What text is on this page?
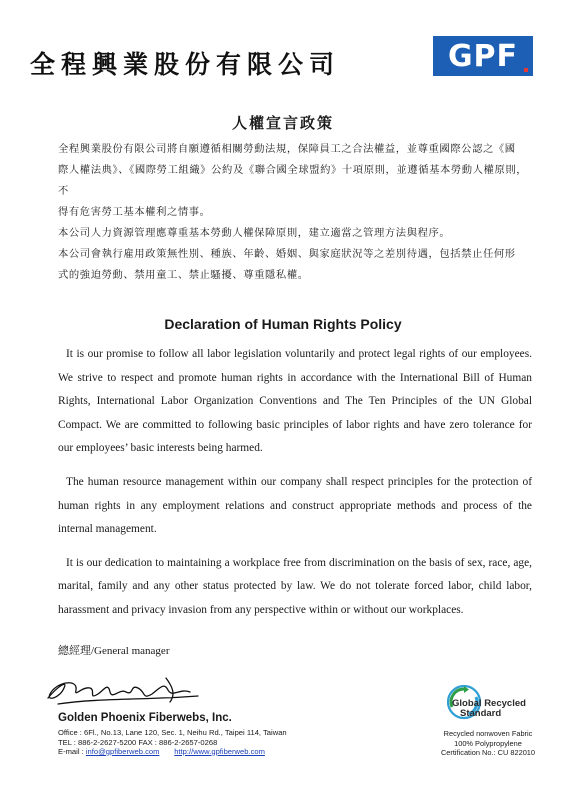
全程興業股份有限公司	GPF
人權宣言政策

全程興業股份有限公司將自願遵循相關勞動法規，保障員工之合法權益，並尊重國際公認之《國

際人權法典》、《國際勞工組織》公約及《聯合國全球盟約》十項原則，並遵循基本勞動人權原則，不

得有危害勞工基本權利之情事。

本公司人力資源管理應尊重基本勞動人權保障原則，建立適當之管理方法與程序。

本公司會執行雇用政策無性別、種族、年齡、婚姻、與家庭狀況等之差別待遇，包括禁止任何形

式的強迫勞動、禁用童工、禁止騷擾、尊重隱私權。

Declaration of Human Rights Policy

It is our promise to follow all labor legislation voluntarily and protect legal rights of our employees. We strive to respect and promote human rights in accordance with the International Bill of Human Rights, International Labor Organization Conventions and The Ten Principles of the UN Global Compact. We are committed to following basic principles of labor rights and have zero tolerance for our employees’ basic interests being harmed.

The human resource management within our company shall respect principles for the protection of human rights in any employment relations and construct appropriate methods and process of the internal management.

It is our dedication to maintaining a workplace free from discrimination on the basis of sex, race, age, marital, family and any other status protected by law. We do not tolerate forced labor, child labor, harassment and privacy invasion from any perspective within or without our workplaces.

總經理/General manager
Golden Phoenix Fiberwebs, Inc.
Office : 6Fl., No.13, Lane 120, Sec. 1, Neihu Rd., Taipei 114, Taiwan
TEL : 886-2-2627-5200 FAX : 886-2-2657-0268
E-mail : info@gpfiberweb.com http://www.gpfiberweb.com
Global Recycled
Standard
Recycled nonwoven Fabric
100% Polypropylene
Certification No.: CU 822010
